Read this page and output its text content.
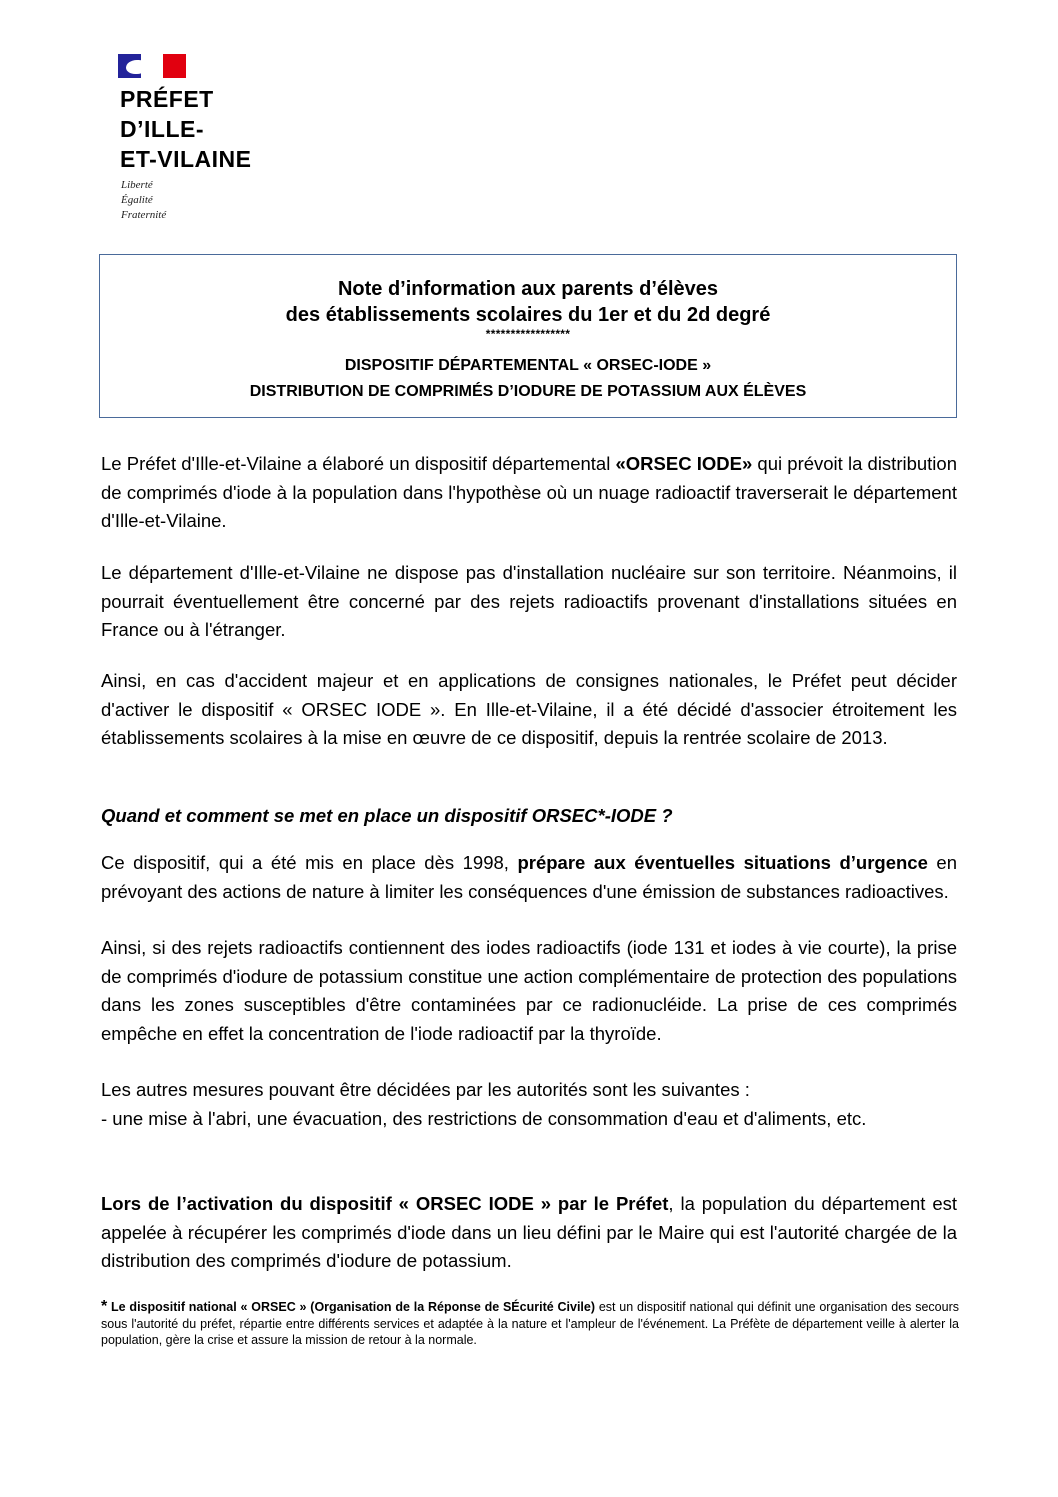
PRÉFET
D’ILLE-
ET-VILAINE
Liberté
Égalité
Fraternité
Note d’information aux parents d’élèves
des établissements scolaires du 1er et du 2d degré
*****************
DISPOSITIF DÉPARTEMENTAL « ORSEC-IODE »
DISTRIBUTION DE COMPRIMÉS D’IODURE DE POTASSIUM AUX ÉLÈVES
Le Préfet d'Ille-et-Vilaine a élaboré un dispositif départemental «ORSEC IODE» qui prévoit la distribution de comprimés d'iode à la population dans l'hypothèse où un nuage radioactif traverserait le département d'Ille-et-Vilaine.
Le département d'Ille-et-Vilaine ne dispose pas d'installation nucléaire sur son territoire. Néanmoins, il pourrait éventuellement être concerné par des rejets radioactifs provenant d'installations situées en France ou à l'étranger.
Ainsi, en cas d'accident majeur et en applications de consignes nationales, le Préfet peut décider d'activer le dispositif « ORSEC IODE ». En Ille-et-Vilaine, il a été décidé d'associer étroitement les établissements scolaires à la mise en œuvre de ce dispositif, depuis la rentrée scolaire de 2013.
Quand et comment se met en place un dispositif ORSEC*-IODE ?
Ce dispositif, qui a été mis en place dès 1998, prépare aux éventuelles situations d’urgence en prévoyant des actions de nature à limiter les conséquences d'une émission de substances radioactives.
Ainsi, si des rejets radioactifs contiennent des iodes radioactifs (iode 131 et iodes à vie courte), la prise de comprimés d'iodure de potassium constitue une action complémentaire de protection des populations dans les zones susceptibles d'être contaminées par ce radionucléide. La prise de ces comprimés empêche en effet la concentration de l'iode radioactif par la thyroïde.
Les autres mesures pouvant être décidées par les autorités sont les suivantes :
- une mise à l'abri, une évacuation, des restrictions de consommation d'eau et d'aliments, etc.
Lors de l’activation du dispositif « ORSEC IODE » par le Préfet, la population du département est appelée à récupérer les comprimés d'iode dans un lieu défini par le Maire qui est l'autorité chargée de la distribution des comprimés d'iodure de potassium.
* Le dispositif national « ORSEC » (Organisation de la Réponse de SÉcurité Civile) est un dispositif national qui définit une organisation des secours sous l'autorité du préfet, répartie entre différents services et adaptée à la nature et l'ampleur de l'événement. La Préfète de département veille à alerter la population, gère la crise et assure la mission de retour à la normale.
